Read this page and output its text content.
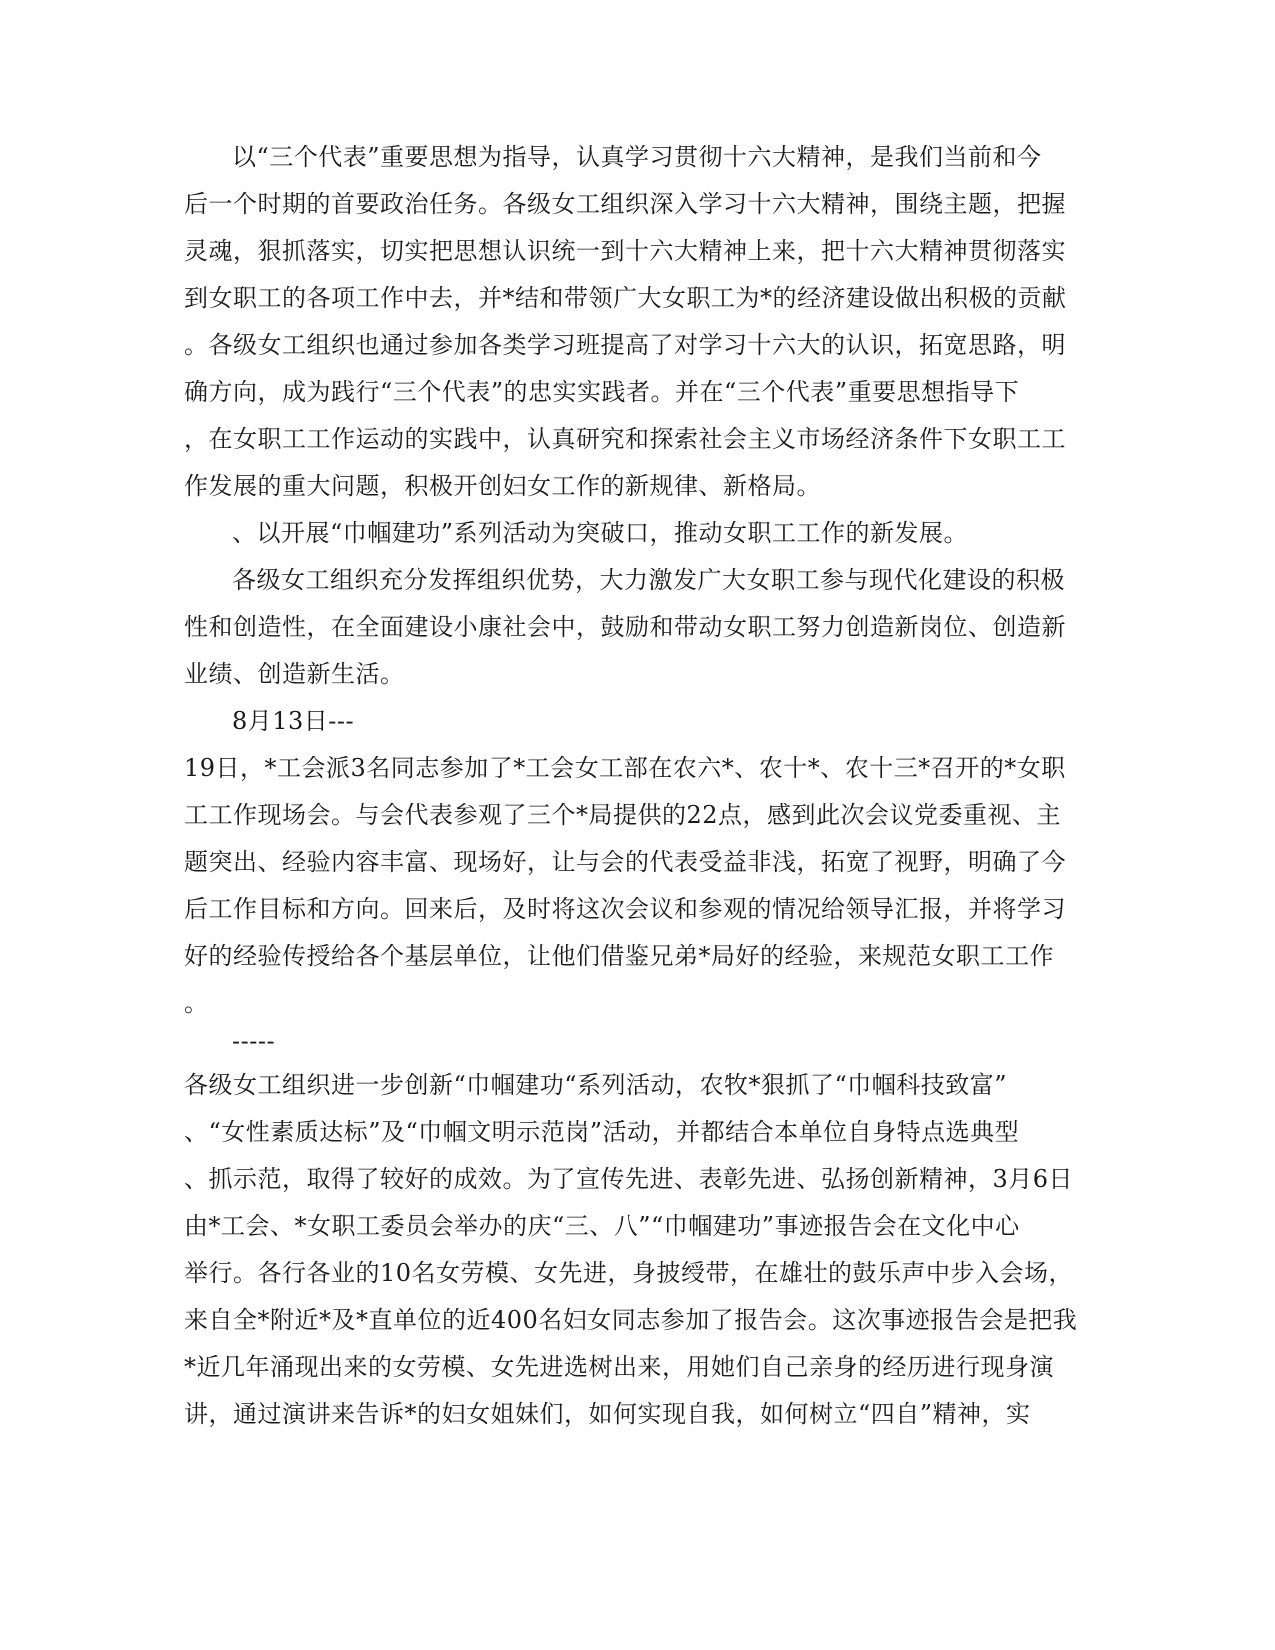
以“三个代表”重要思想为指导，认真学习贯彻十六大精神，是我们当前和今
后一个时期的首要政治任务。各级女工组织深入学习十六大精神，围绕主题，把握
灵魂，狠抓落实，切实把思想认识统一到十六大精神上来，把十六大精神贯彻落实
到女职工的各项工作中去，并*结和带领广大女职工为*的经济建设做出积极的贡献
。各级女工组织也通过参加各类学习班提高了对学习十六大的认识，拓宽思路，明
确方向，成为践行“三个代表”的忠实实践者。并在“三个代表”重要思想指导下
，在女职工工作运动的实践中，认真研究和探索社会主义市场经济条件下女职工工
作发展的重大问题，积极开创妇女工作的新规律、新格局。
、以开展“巾帼建功”系列活动为突破口，推动女职工工作的新发展。
各级女工组织充分发挥组织优势，大力激发广大女职工参与现代化建设的积极
性和创造性，在全面建设小康社会中，鼓励和带动女职工努力创造新岗位、创造新
业绩、创造新生活。
8月13日---
19日，*工会派3名同志参加了*工会女工部在农六*、农十*、农十三*召开的*女职
工工作现场会。与会代表参观了三个*局提供的22点，感到此次会议党委重视、主
题突出、经验内容丰富、现场好，让与会的代表受益非浅，拓宽了视野，明确了今
后工作目标和方向。回来后，及时将这次会议和参观的情况给领导汇报，并将学习
好的经验传授给各个基层单位，让他们借鉴兄弟*局好的经验，来规范女职工工作
。
-----
各级女工组织进一步创新“巾帼建功“系列活动，农牧*狠抓了“巾帼科技致富”
、“女性素质达标”及“巾帼文明示范岗”活动，并都结合本单位自身特点选典型
、抓示范，取得了较好的成效。为了宣传先进、表彰先进、弘扬创新精神，3月6日
由*工会、*女职工委员会举办的庆“三、八”“巾帼建功”事迹报告会在文化中心
举行。各行各业的10名女劳模、女先进，身披绶带，在雄壮的鼓乐声中步入会场，
来自全*附近*及*直单位的近400名妇女同志参加了报告会。这次事迹报告会是把我
*近几年涌现出来的女劳模、女先进选树出来，用她们自己亲身的经历进行现身演
讲，通过演讲来告诉*的妇女姐妹们，如何实现自我，如何树立“四自”精神，实
